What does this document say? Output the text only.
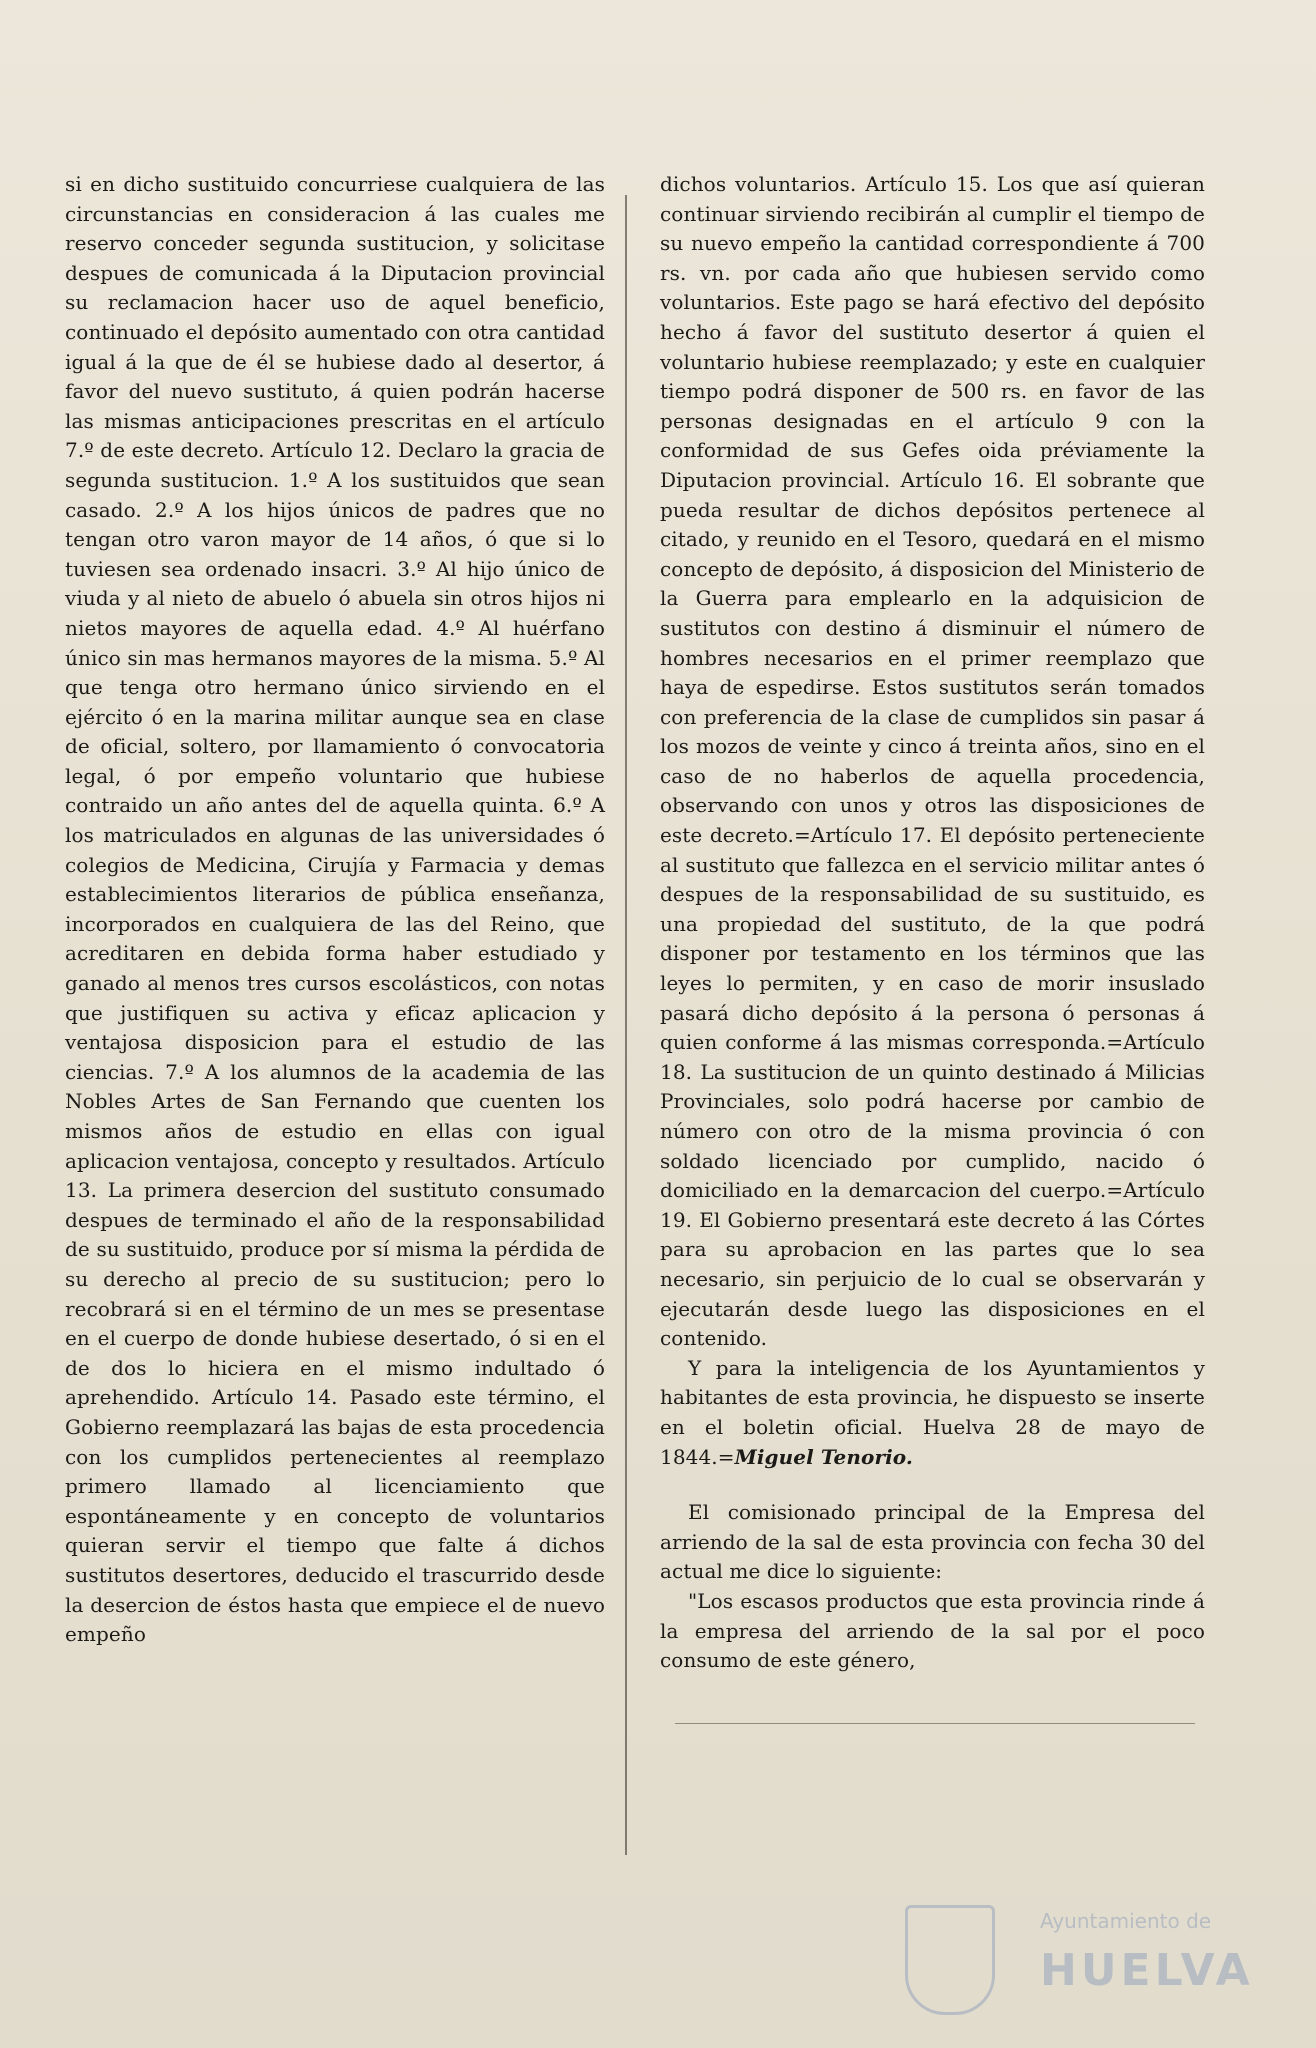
si en dicho sustituido concurriese cualquiera de las circunstancias en consideracion á las cuales me reservo conceder segunda sustitucion, y solicitase despues de comunicada á la Diputacion provincial su reclamacion hacer uso de aquel beneficio, continuado el depósito aumentado con otra cantidad igual á la que de él se hubiese dado al desertor, á favor del nuevo sustituto, á quien podrán hacerse las mismas anticipaciones prescritas en el artículo 7.º de este decreto. Artículo 12. Declaro la gracia de segunda sustitucion. 1.º A los sustituidos que sean casado. 2.º A los hijos únicos de padres que no tengan otro varon mayor de 14 años, ó que si lo tuviesen sea ordenado insacri. 3.º Al hijo único de viuda y al nieto de abuelo ó abuela sin otros hijos ni nietos mayores de aquella edad. 4.º Al huérfano único sin mas hermanos mayores de la misma. 5.º Al que tenga otro hermano único sirviendo en el ejército ó en la marina militar aunque sea en clase de oficial, soltero, por llamamiento ó convocatoria legal, ó por empeño voluntario que hubiese contraido un año antes del de aquella quinta. 6.º A los matriculados en algunas de las universidades ó colegios de Medicina, Cirujía y Farmacia y demas establecimientos literarios de pública enseñanza, incorporados en cualquiera de las del Reino, que acreditaren en debida forma haber estudiado y ganado al menos tres cursos escolásticos, con notas que justifiquen su activa y eficaz aplicacion y ventajosa disposicion para el estudio de las ciencias. 7.º A los alumnos de la academia de las Nobles Artes de San Fernando que cuenten los mismos años de estudio en ellas con igual aplicacion ventajosa, concepto y resultados. Artículo 13. La primera desercion del sustituto consumado despues de terminado el año de la responsabilidad de su sustituido, produce por sí misma la pérdida de su derecho al precio de su sustitucion; pero lo recobrará si en el término de un mes se presentase en el cuerpo de donde hubiese desertado, ó si en el de dos lo hiciera en el mismo indultado ó aprehendido. Artículo 14. Pasado este término, el Gobierno reemplazará las bajas de esta procedencia con los cumplidos pertenecientes al reemplazo primero llamado al licenciamiento que espontáneamente y en concepto de voluntarios quieran servir el tiempo que falte á dichos sustitutos desertores, deducido el trascurrido desde la desercion de éstos hasta que empiece el de nuevo empeño

dichos voluntarios. Artículo 15. Los que así quieran continuar sirviendo recibirán al cumplir el tiempo de su nuevo empeño la cantidad correspondiente á 700 rs. vn. por cada año que hubiesen servido como voluntarios. Este pago se hará efectivo del depósito hecho á favor del sustituto desertor á quien el voluntario hubiese reemplazado; y este en cualquier tiempo podrá disponer de 500 rs. en favor de las personas designadas en el artículo 9 con la conformidad de sus Gefes oida préviamente la Diputacion provincial. Artículo 16. El sobrante que pueda resultar de dichos depósitos pertenece al citado, y reunido en el Tesoro, quedará en el mismo concepto de depósito, á disposicion del Ministerio de la Guerra para emplearlo en la adquisicion de sustitutos con destino á disminuir el número de hombres necesarios en el primer reemplazo que haya de espedirse. Estos sustitutos serán tomados con preferencia de la clase de cumplidos sin pasar á los mozos de veinte y cinco á treinta años, sino en el caso de no haberlos de aquella procedencia, observando con unos y otros las disposiciones de este decreto.=Artículo 17. El depósito perteneciente al sustituto que fallezca en el servicio militar antes ó despues de la responsabilidad de su sustituido, es una propiedad del sustituto, de la que podrá disponer por testamento en los términos que las leyes lo permiten, y en caso de morir insuslado pasará dicho depósito á la persona ó personas á quien conforme á las mismas corresponda.=Artículo 18. La sustitucion de un quinto destinado á Milicias Provinciales, solo podrá hacerse por cambio de número con otro de la misma provincia ó con soldado licenciado por cumplido, nacido ó domiciliado en la demarcacion del cuerpo.=Artículo 19. El Gobierno presentará este decreto á las Córtes para su aprobacion en las partes que lo sea necesario, sin perjuicio de lo cual se observarán y ejecutarán desde luego las disposiciones en el contenido.

Y para la inteligencia de los Ayuntamientos y habitantes de esta provincia, he dispuesto se inserte en el boletin oficial. Huelva 28 de mayo de 1844.=Miguel Tenorio.

El comisionado principal de la Empresa del arriendo de la sal de esta provincia con fecha 30 del actual me dice lo siguiente:

"Los escasos productos que esta provincia rinde á la empresa del arriendo de la sal por el poco consumo de este género,

Ayuntamiento de
HUELVA
